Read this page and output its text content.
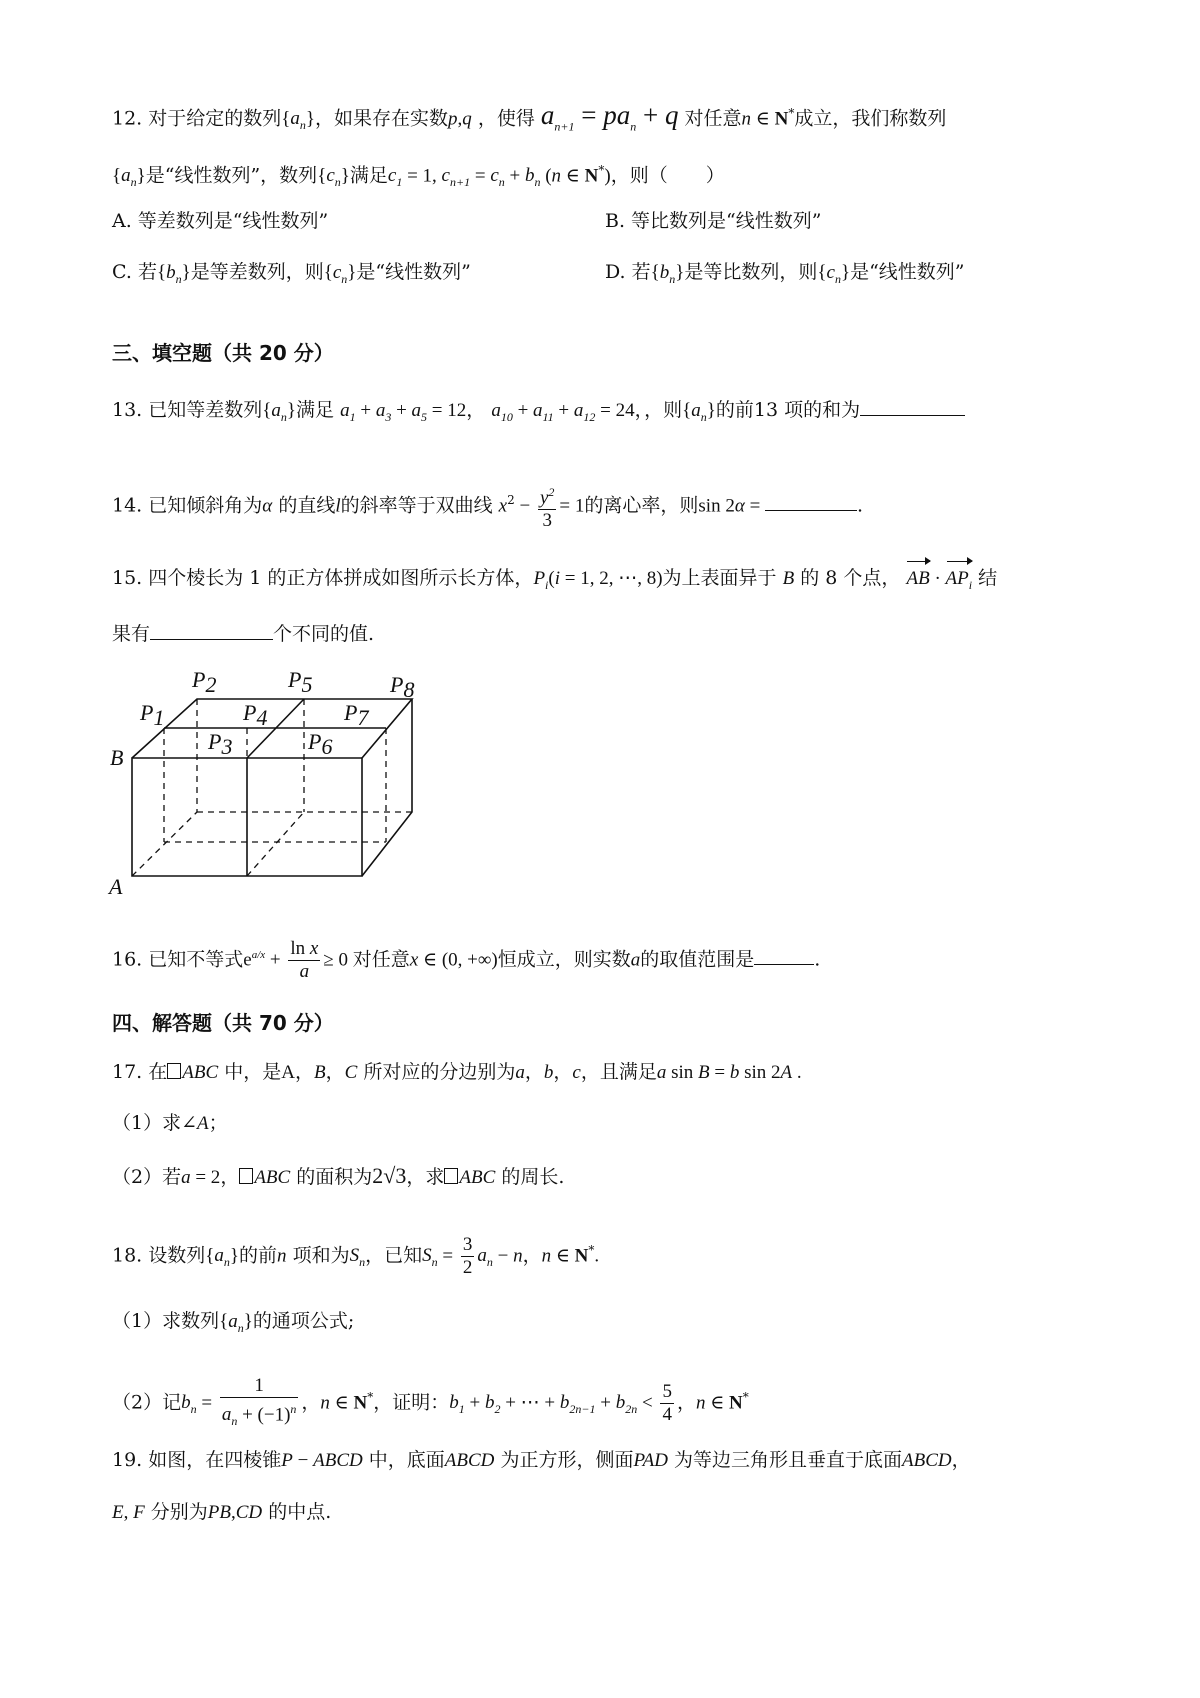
12. 对于给定的数列$\{a_n\}$，如果存在实数p,q ，使得 $a_{n+1} = pa_n + q$ 对任意n ∈ N*成立，我们称数列
$\{a_n\}$是“线性数列”，数列$\{c_n\}$满足$c_1 = 1$, $c_{n+1} = c_n + b_n$ (n ∈ N*)，则（　　）
A. 等差数列是“线性数列”	B. 等比数列是“线性数列”
C. 若$\{b_n\}$是等差数列，则$\{c_n\}$是“线性数列”	D. 若$\{b_n\}$是等比数列，则$\{c_n\}$是“线性数列”
三、填空题（共 20 分）
13. 已知等差数列$\{a_n\}$满足 $a_1 + a_3 + a_5 = 12$， $a_{10} + a_{11} + a_{12} = 24$，，则$\{a_n\}$的前13 项的和为
14. 已知倾斜角为α 的直线l的斜率等于双曲线 $x^2 - \frac{y^2}{3} = 1$的离心率，则sin 2α =	.
15. 四个棱长为 1 的正方体拼成如图所示长方体，$P_i(i = 1$, 2, ⋯, 8)为上表面异于 B 的 8 个点， AB · $AP_i$ 结
果有	个不同的值.
P2	P5	P8
P1	P4	P7
P3	P6
B
A
16. 已知不等式$e^{a/x} + \frac{\text{ln x}}{a} \ge 0$ 对任意x ∈ (0, +∞)恒成立，则实数a的取值范围是	.
四、解答题（共 70 分）
17. 在 ABC 中，是A，B，C 所对应的分边别为a，b，c，且满足a sin B = b sin 2A .
（1）求∠A；
（2）若a = 2， ABC 的面积为2√3，求 ABC 的周长.
18. 设数列$\{a_n\}$的前n 项和为$S_n$，已知$S_n = \frac{3}{2} a_n - n$，n ∈ N*.
（1）求数列$\{a_n\}$的通项公式;
（2）记$b_n = \frac{1}{a_n + (-1)^n}$ ，n ∈ N*，证明：$b_1 + b_2$ + ⋯ + $b_{2n-1} + b_{2n} < \frac{5}{4}$ ，n ∈ N*
19. 如图，在四棱锥P − ABCD 中，底面ABCD 为正方形，侧面PAD 为等边三角形且垂直于底面ABCD，
E, F 分别为PB,CD 的中点.
